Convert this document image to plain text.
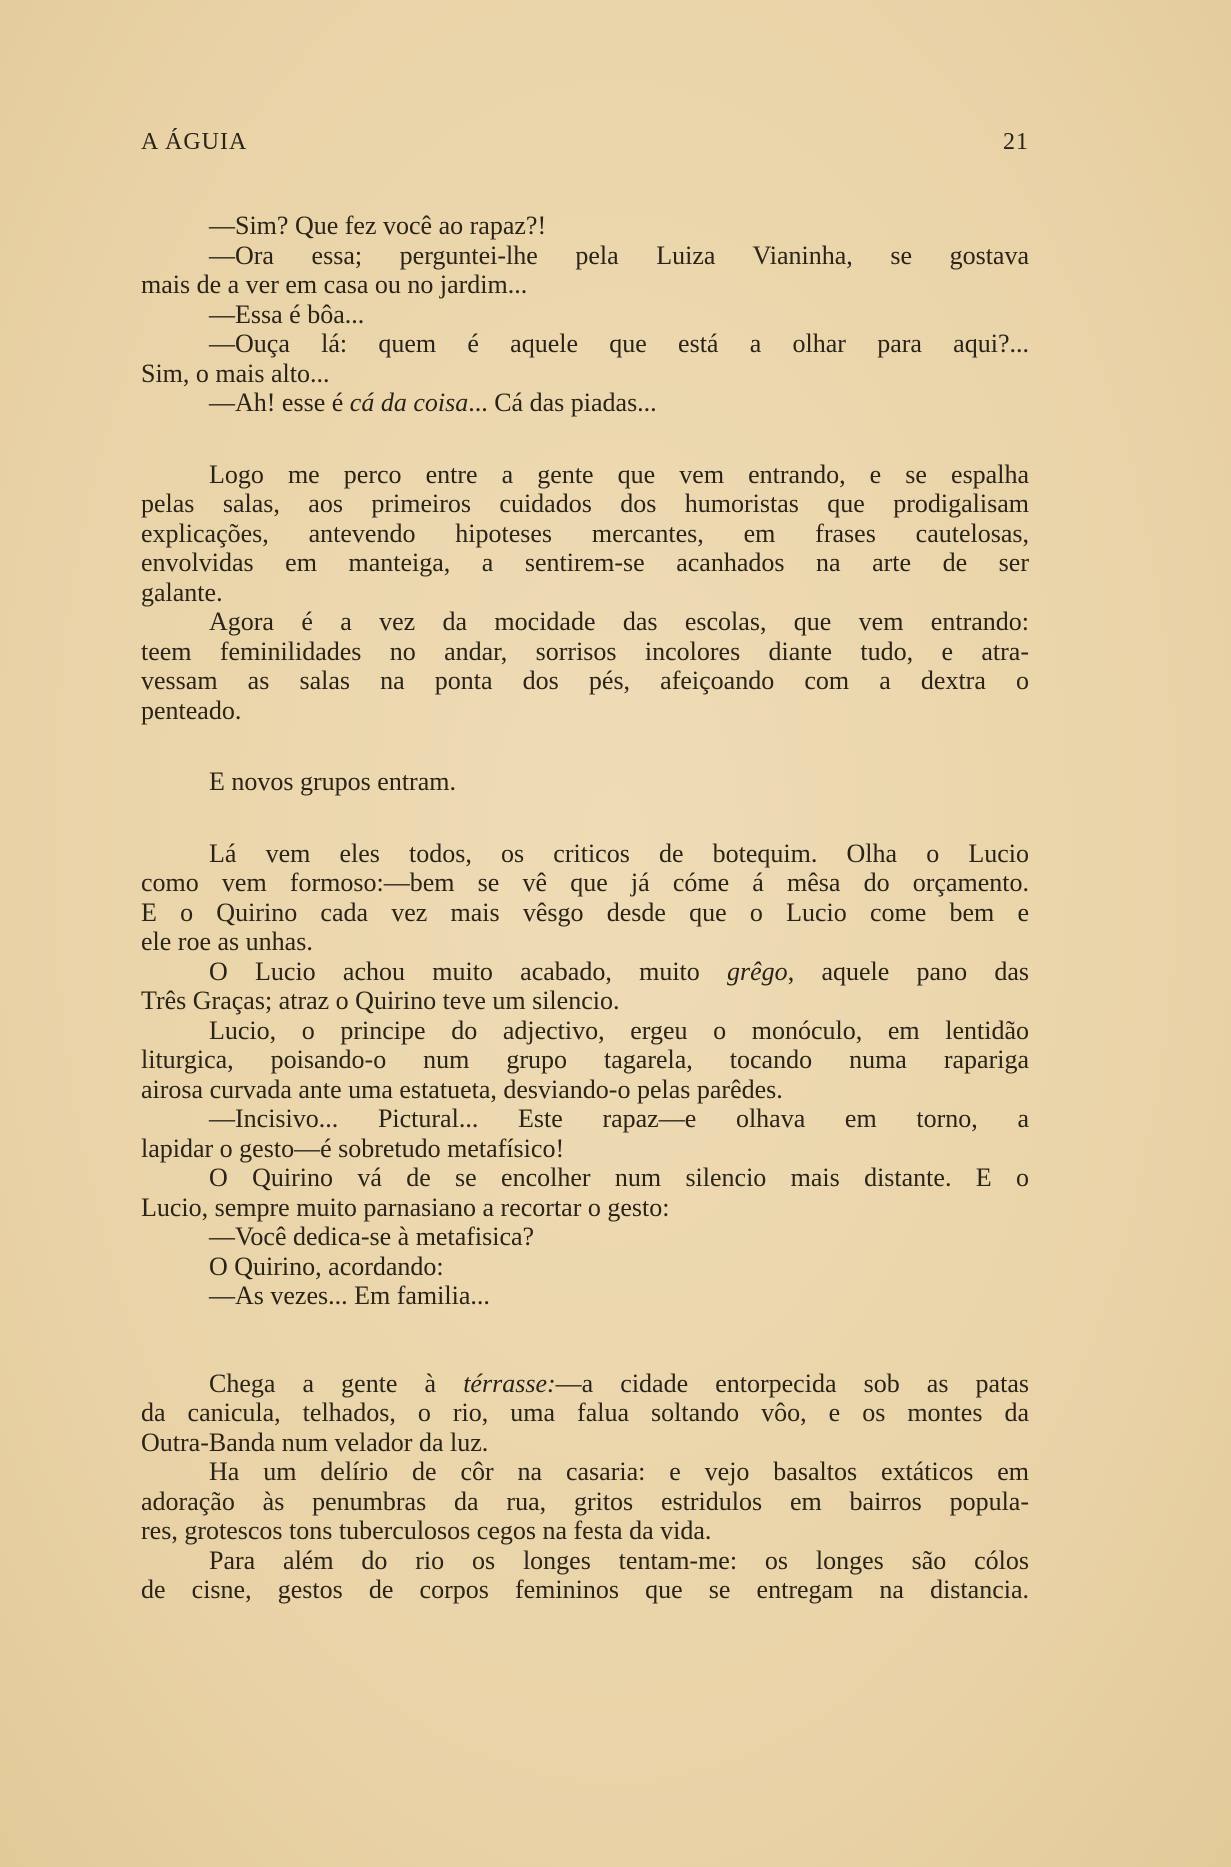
A ÁGUIA	21
—Sim? Que fez você ao rapaz?!
—Ora essa; perguntei-lhe pela Luiza Vianinha, se gostava
mais de a ver em casa ou no jardim...
—Essa é bôa...
—Ouça lá: quem é aquele que está a olhar para aqui?...
Sim, o mais alto...
—Ah! esse é cá da coisa... Cá das piadas...
Logo me perco entre a gente que vem entrando, e se espalha
pelas salas, aos primeiros cuidados dos humoristas que prodigalisam
explicações, antevendo hipoteses mercantes, em frases cautelosas,
envolvidas em manteiga, a sentirem-se acanhados na arte de ser
galante.
Agora é a vez da mocidade das escolas, que vem entrando:
teem feminilidades no andar, sorrisos incolores diante tudo, e atra-
vessam as salas na ponta dos pés, afeiçoando com a dextra o
penteado.
E novos grupos entram.
Lá vem eles todos, os criticos de botequim. Olha o Lucio
como vem formoso:—bem se vê que já cóme á mêsa do orçamento.
E o Quirino cada vez mais vêsgo desde que o Lucio come bem e
ele roe as unhas.
O Lucio achou muito acabado, muito grêgo, aquele pano das
Três Graças; atraz o Quirino teve um silencio.
Lucio, o principe do adjectivo, ergeu o monóculo, em lentidão
liturgica, poisando-o num grupo tagarela, tocando numa rapariga
airosa curvada ante uma estatueta, desviando-o pelas parêdes.
—Incisivo... Pictural... Este rapaz—e olhava em torno, a
lapidar o gesto—é sobretudo metafísico!
O Quirino vá de se encolher num silencio mais distante. E o
Lucio, sempre muito parnasiano a recortar o gesto:
—Você dedica-se à metafisica?
O Quirino, acordando:
—As vezes... Em familia...
Chega a gente à térrasse:—a cidade entorpecida sob as patas
da canicula, telhados, o rio, uma falua soltando vôo, e os montes da
Outra-Banda num velador da luz.
Ha um delírio de côr na casaria: e vejo basaltos extáticos em
adoração às penumbras da rua, gritos estridulos em bairros popula-
res, grotescos tons tuberculosos cegos na festa da vida.
Para além do rio os longes tentam-me: os longes são cólos
de cisne, gestos de corpos femininos que se entregam na distancia.
